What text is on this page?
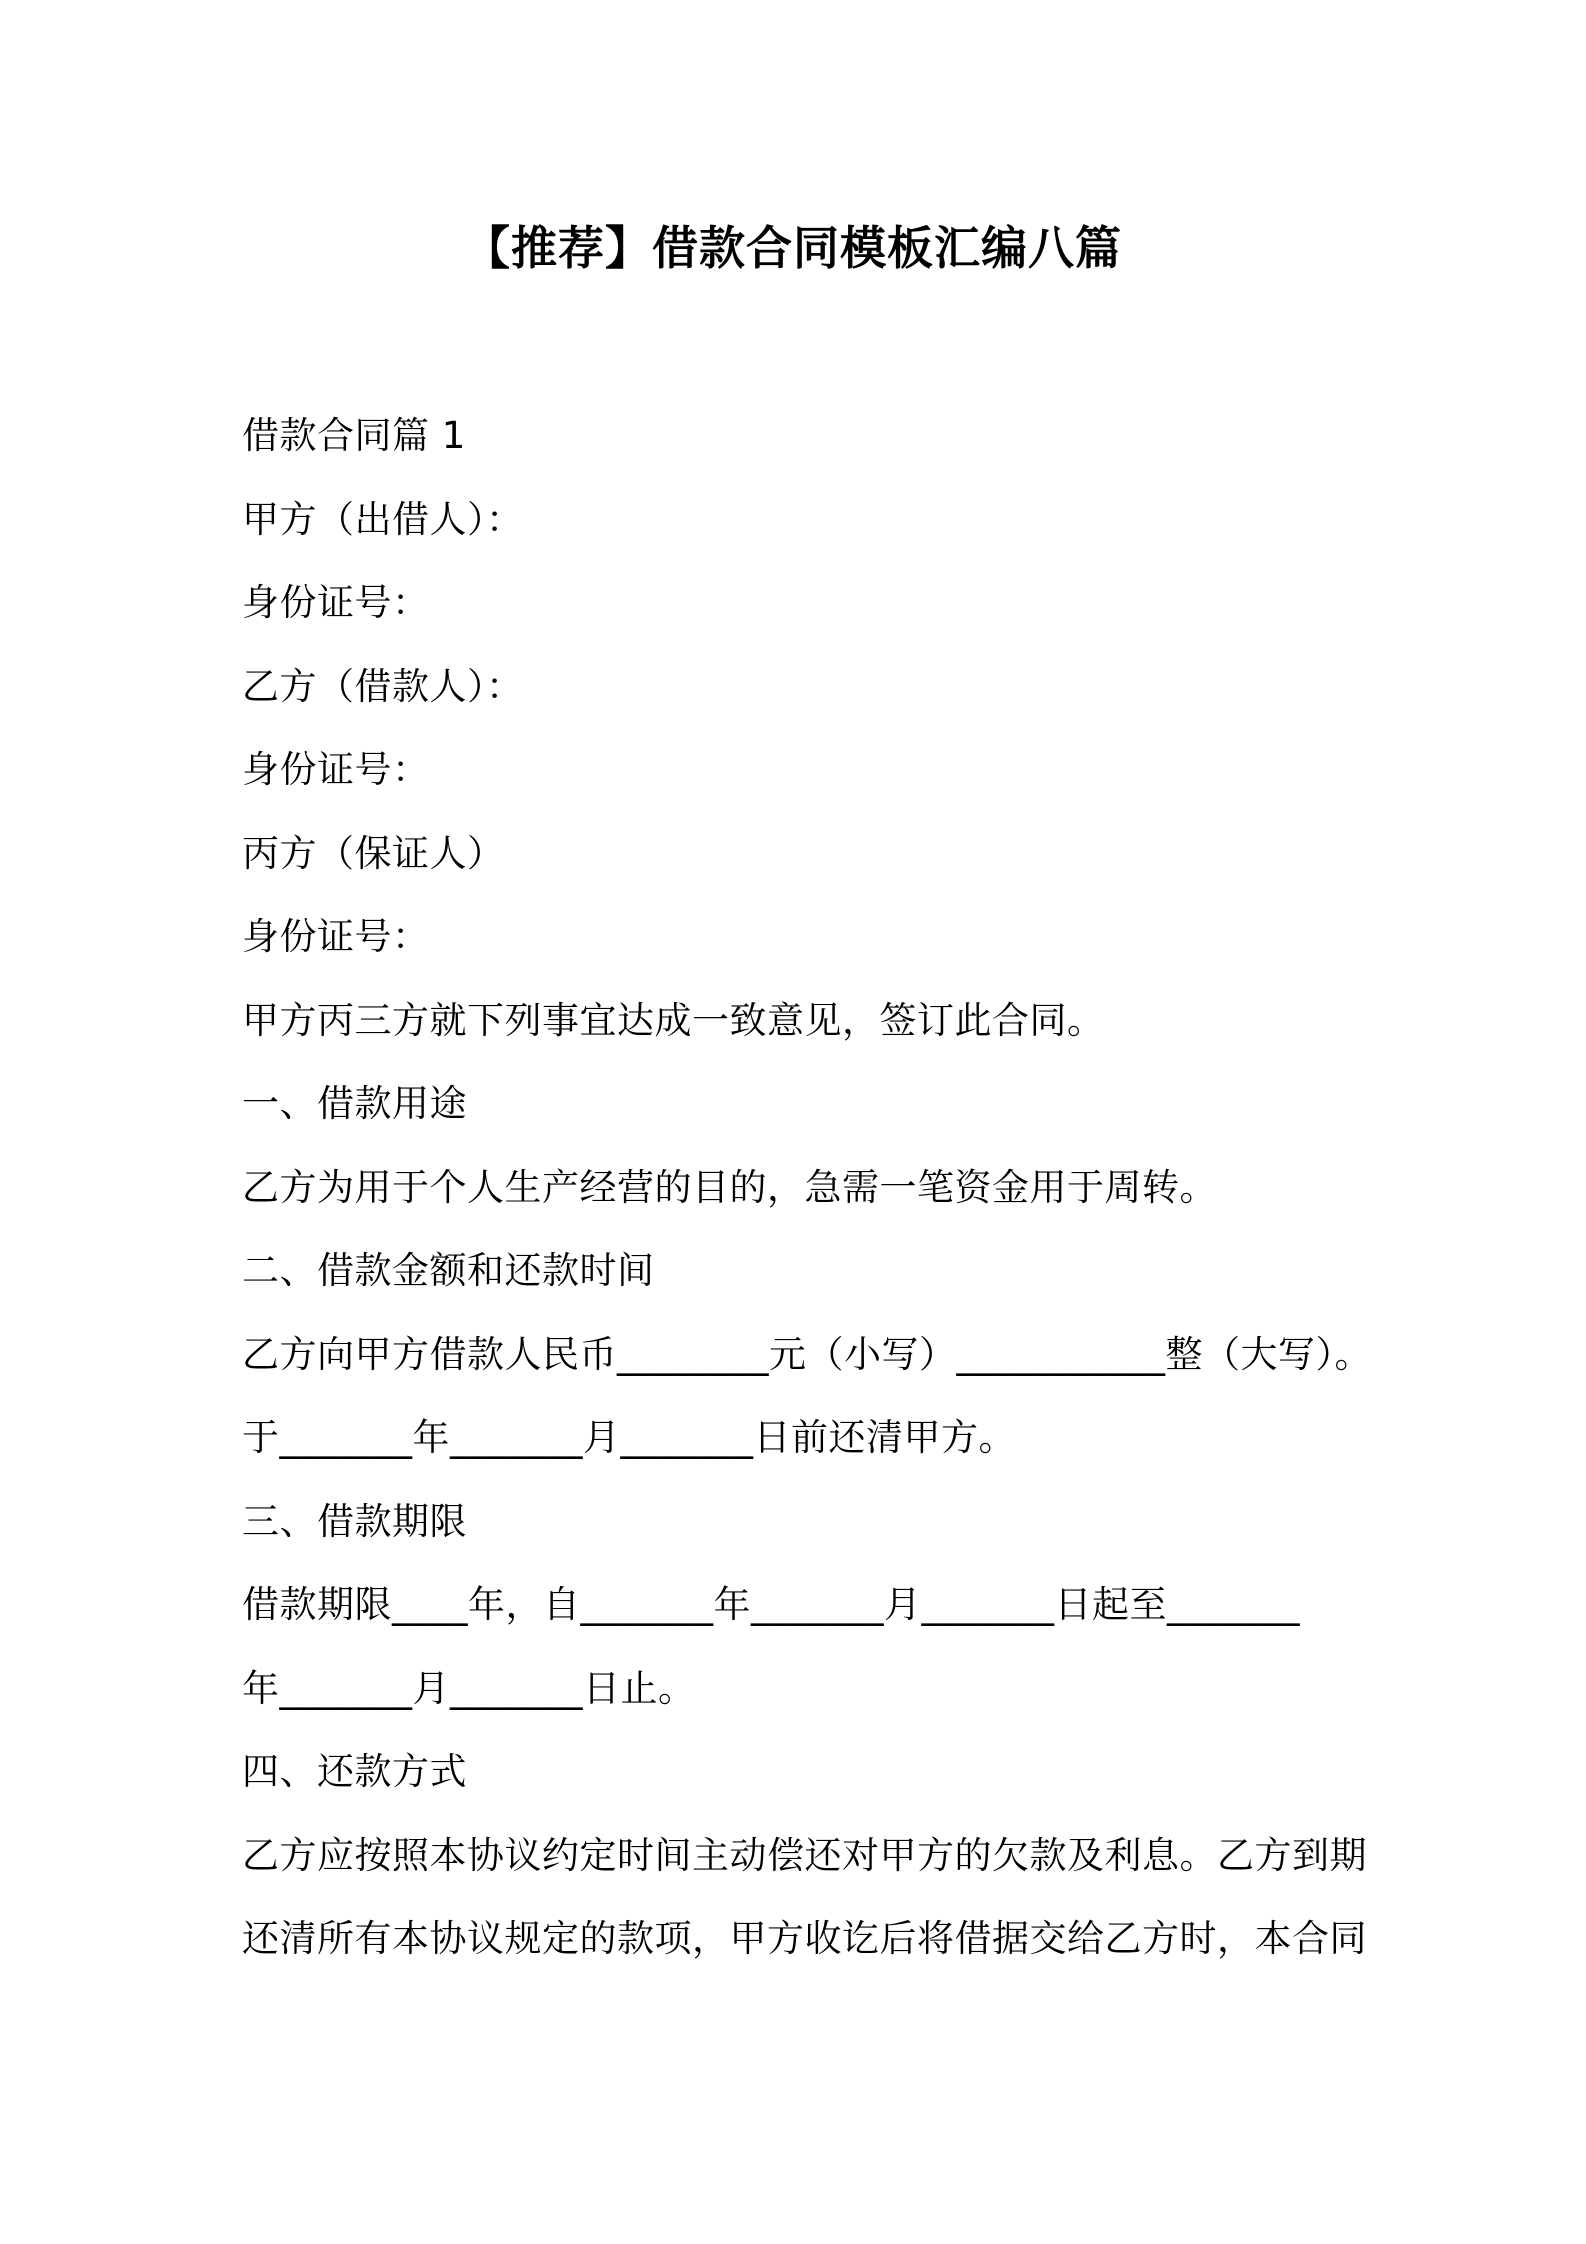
【推荐】借款合同模板汇编八篇
借款合同篇 1
甲方（出借人）：
身份证号：
乙方（借款人）：
身份证号：
丙方（保证人）
身份证号：
甲方丙三方就下列事宜达成一致意见，签订此合同。
一、借款用途
乙方为用于个人生产经营的目的，急需一笔资金用于周转。
二、借款金额和还款时间
乙方向甲方借款人民币________元（小写）___________整（大写）。
于_______年_______月_______日前还清甲方。
三、借款期限
借款期限____年，自_______年_______月_______日起至_______
年_______月_______日止。
四、还款方式
乙方应按照本协议约定时间主动偿还对甲方的欠款及利息。乙方到期
还清所有本协议规定的款项，甲方收讫后将借据交给乙方时，本合同
